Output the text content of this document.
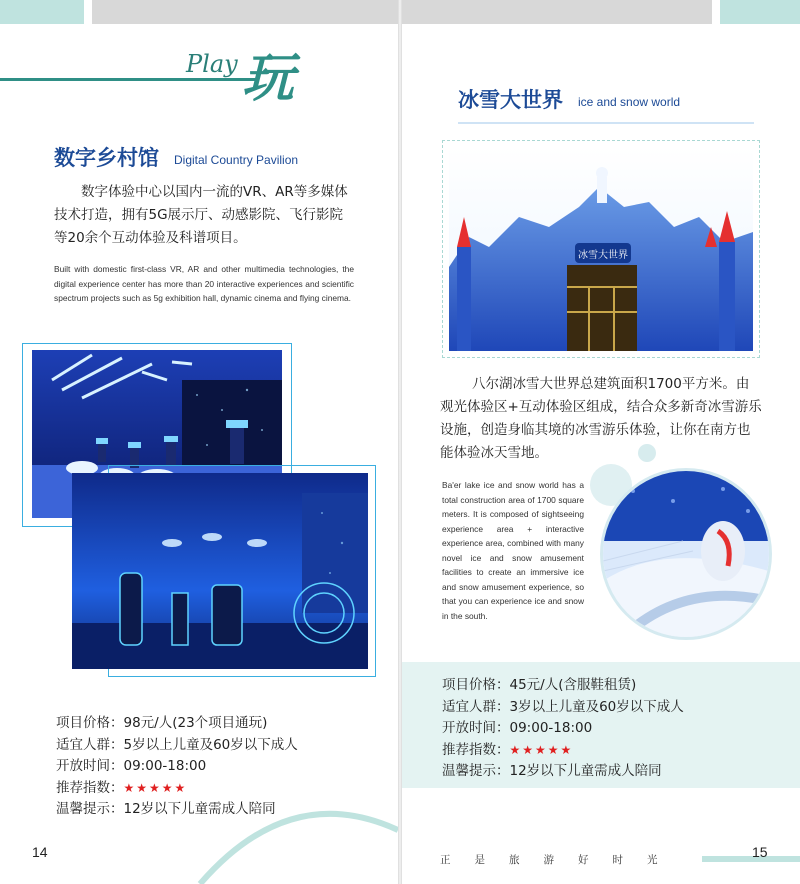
Play 玩
数字乡村馆 Digital Country Pavilion
数字体验中心以国内一流的VR、AR等多媒体技术打造，拥有5G展示厅、动感影院、飞行影院等20余个互动体验及科谱项目。
Built with domestic first-class VR, AR and other multimedia technologies, the digital experience center has more than 20 interactive experiences and scientific spectrum projects such as 5g exhibition hall, dynamic cinema and flying cinema.
项目价格：98元/人(23个项目通玩)
适宜人群：5岁以上儿童及60岁以下成人
开放时间：09:00-18:00
推荐指数：★★★★★
温馨提示：12岁以下儿童需成人陪同
14
冰雪大世界 ice and snow world
冰雪大世界
八尔湖冰雪大世界总建筑面积1700平方米。由观光体验区+互动体验区组成，结合众多新奇冰雪游乐设施，创造身临其境的冰雪游乐体验，让你在南方也能体验冰天雪地。
Ba'er lake ice and snow world has a total construction area of 1700 square meters. It is composed of sightseeing experience area + interactive experience area, combined with many novel ice and snow amusement facilities to create an immersive ice and snow amusement experience, so that you can experience ice and snow in the south.
项目价格：45元/人(含服鞋租赁)
适宜人群：3岁以上儿童及60岁以下成人
开放时间：09:00-18:00
推荐指数：★★★★★
温馨提示：12岁以下儿童需成人陪同
正是旅游好时光	15
